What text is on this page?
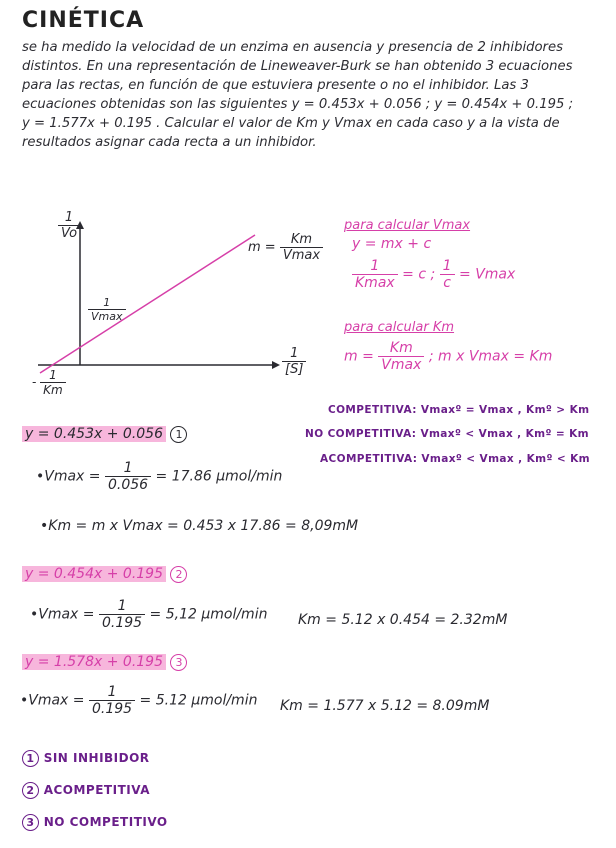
CINÉTICA
se ha medido la velocidad de un enzima en ausencia y presencia de 2 inhibidores distintos. En una representación de Lineweaver-Burk se han obtenido 3 ecuaciones para las rectas, en función de que estuviera presente o no el inhibidor. Las 3 ecuaciones obtenidas son las siguientes y = 0.453x + 0.056 ; y = 0.454x + 0.195 ; y = 1.577x + 0.195 . Calcular el valor de Km y Vmax en cada caso y a la vista de resultados asignar cada recta a un inhibidor.
$\frac{1}{Vo}$
$\frac{1}{[S]}$
$m = \frac{Km}{Vmax}$
1
Vmax
- $\frac{1}{Km}$
para calcular Vmax
y = mx + c
$\frac{1}{Kmax} = c$ ; $\frac{1}{c} = Vmax$
para calcular Km
$m = \frac{Km}{Vmax}$ ; m x Vmax = Km
COMPETITIVA: Vmaxº = Vmax , Kmº > Km
NO COMPETITIVA: Vmaxº < Vmax , Kmº = Km
ACOMPETITIVA: Vmaxº < Vmax , Kmº < Km
y = 0.453x + 0.056 1
•Vmax = $\frac{1}{0.056} = 17.86$ µmol/min
•Km = m x Vmax = 0.453 x 17.86 = 8,09mM
y = 0.454x + 0.195 2
•Vmax = $\frac{1}{0.195} = 5,12$ µmol/min Km = 5.12 x 0.454 = 2.32mM
y = 1.578x + 0.195 3
•Vmax = $\frac{1}{0.195} = 5.12$ µmol/min Km = 1.577 x 5.12 = 8.09mM
1 SIN INHIBIDOR
2 ACOMPETITIVA
3 NO COMPETITIVO
